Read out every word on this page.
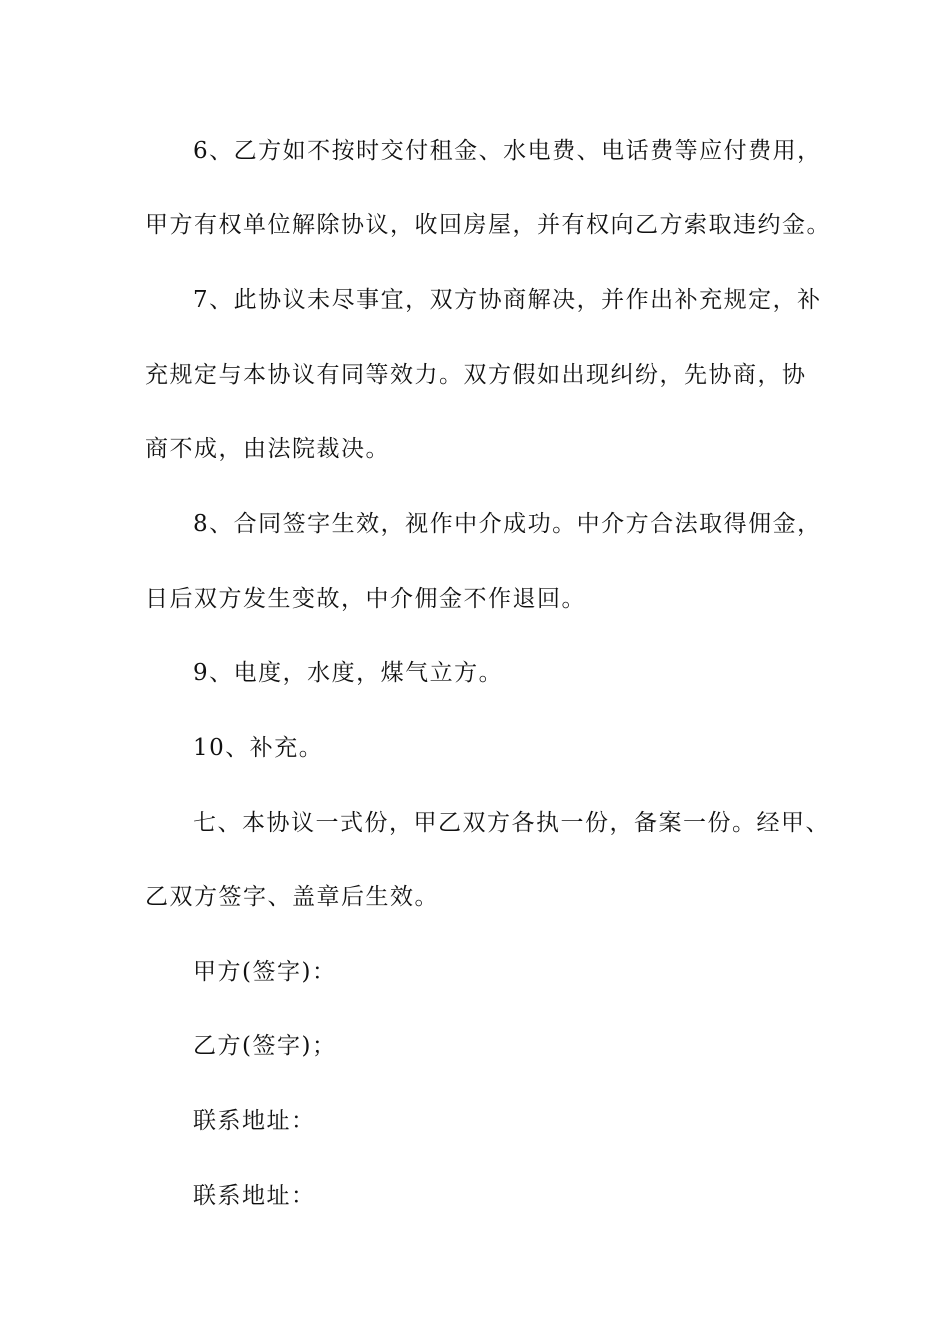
6、乙方如不按时交付租金、水电费、电话费等应付费用，
甲方有权单位解除协议，收回房屋，并有权向乙方索取违约金。
7、此协议未尽事宜，双方协商解决，并作出补充规定，补
充规定与本协议有同等效力。双方假如出现纠纷，先协商，协
商不成，由法院裁决。
8、合同签字生效，视作中介成功。中介方合法取得佣金，
日后双方发生变故，中介佣金不作退回。
9、电度，水度，煤气立方。
10、补充。
七、本协议一式份，甲乙双方各执一份，备案一份。经甲、
乙双方签字、盖章后生效。
甲方(签字)：
乙方(签字)；
联系地址：
联系地址：
